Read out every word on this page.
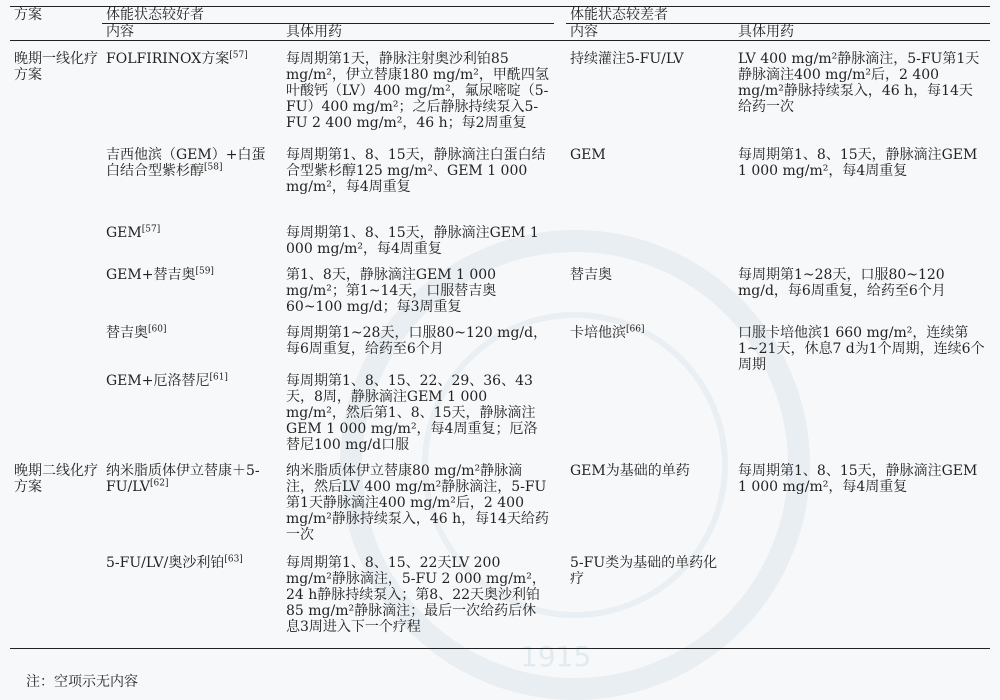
1915
方案	体能状态较好者			体能状态较差者	
	内容	具体用药		内容	具体用药
晚期一线化疗方案	FOLFIRINOX方案[57]	每周期第1天，静脉注射奥沙利铂85 mg/m²，伊立替康180 mg/m²，甲酰四氢叶酸钙（LV）400 mg/m²，氟尿嘧啶（5-FU）400 mg/m²；之后静脉持续泵入5-FU 2 400 mg/m²，46 h；每2周重复		持续灌注5-FU/LV	LV 400 mg/m²静脉滴注，5-FU第1天静脉滴注400 mg/m²后，2 400 mg/m²静脉持续泵入，46 h，每14天给药一次
	吉西他滨（GEM）+白蛋白结合型紫杉醇[58]	每周期第1、8、15天，静脉滴注白蛋白结合型紫杉醇125 mg/m²、GEM 1 000 mg/m²，每4周重复		GEM	每周期第1、8、15天，静脉滴注GEM 1 000 mg/m²，每4周重复
	GEM[57]	每周期第1、8、15天，静脉滴注GEM 1 000 mg/m²，每4周重复			
	GEM+替吉奥[59]	第1、8天，静脉滴注GEM 1 000 mg/m²；第1~14天，口服替吉奥60~100 mg/d；每3周重复		替吉奥	每周期第1~28天，口服80~120 mg/d，每6周重复，给药至6个月
	替吉奥[60]	每周期第1~28天，口服80~120 mg/d，每6周重复，给药至6个月		卡培他滨[66]	口服卡培他滨1 660 mg/m²，连续第1~21天，休息7 d为1个周期，连续6个周期
	GEM+厄洛替尼[61]	每周期第1、8、15、22、29、36、43天，8周，静脉滴注GEM 1 000 mg/m²，然后第1、8、15天，静脉滴注GEM 1 000 mg/m²，每4周重复；厄洛替尼100 mg/d口服			
晚期二线化疗方案	纳米脂质体伊立替康＋5-FU/LV[62]	纳米脂质体伊立替康80 mg/m²静脉滴注，然后LV 400 mg/m²静脉滴注，5-FU第1天静脉滴注400 mg/m²后，2 400 mg/m²静脉持续泵入，46 h，每14天给药一次		GEM为基础的单药	每周期第1、8、15天，静脉滴注GEM 1 000 mg/m²，每4周重复
	5-FU/LV/奥沙利铂[63]	每周期第1、8、15、22天LV 200 mg/m²静脉滴注，5-FU 2 000 mg/m²，24 h静脉持续泵入；第8、22天奥沙利铂85 mg/m²静脉滴注；最后一次给药后休息3周进入下一个疗程		5-FU类为基础的单药化疗	
注：空项示无内容
